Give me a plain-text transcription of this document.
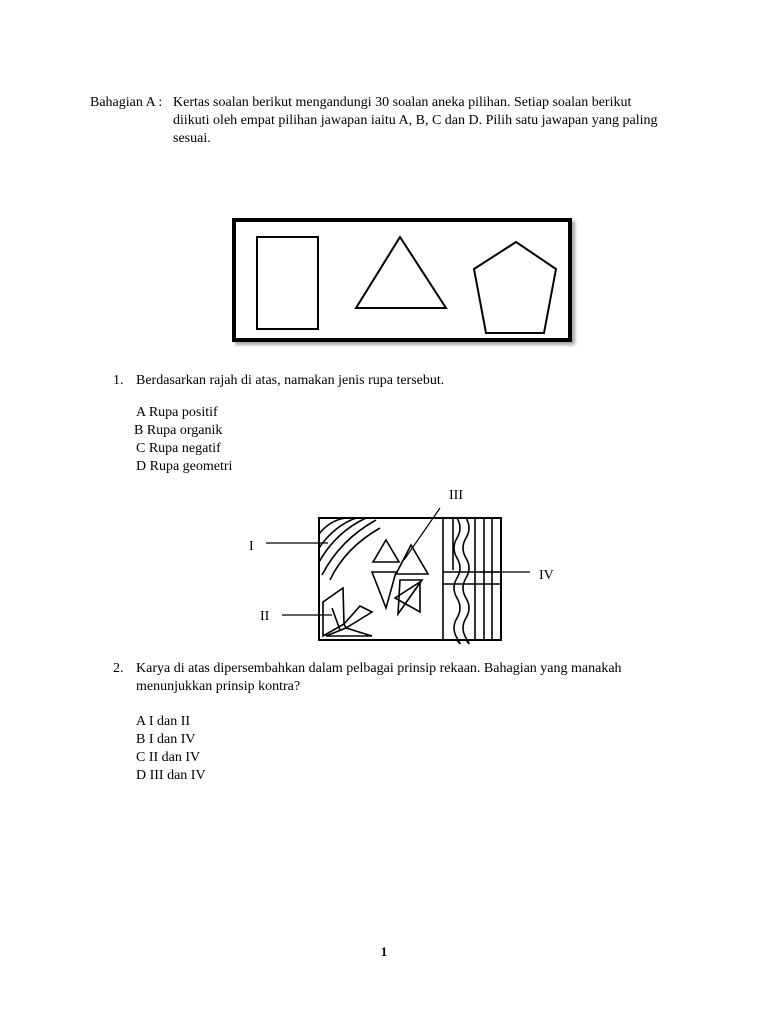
Bahagian A : Kertas soalan berikut mengandungi 30 soalan aneka pilihan. Setiap soalan berikut
diikuti oleh empat pilihan jawapan iaitu A, B, C dan D. Pilih satu jawapan yang paling
sesuai.
1. Berdasarkan rajah di atas, namakan jenis rupa tersebut.
A Rupa positif
B Rupa organik
C Rupa negatif
D Rupa geometri
I
II
III
IV
2. Karya di atas dipersembahkan dalam pelbagai prinsip rekaan. Bahagian yang manakah
menunjukkan prinsip kontra?
A I dan II
B I dan IV
C II dan IV
D III dan IV
1
